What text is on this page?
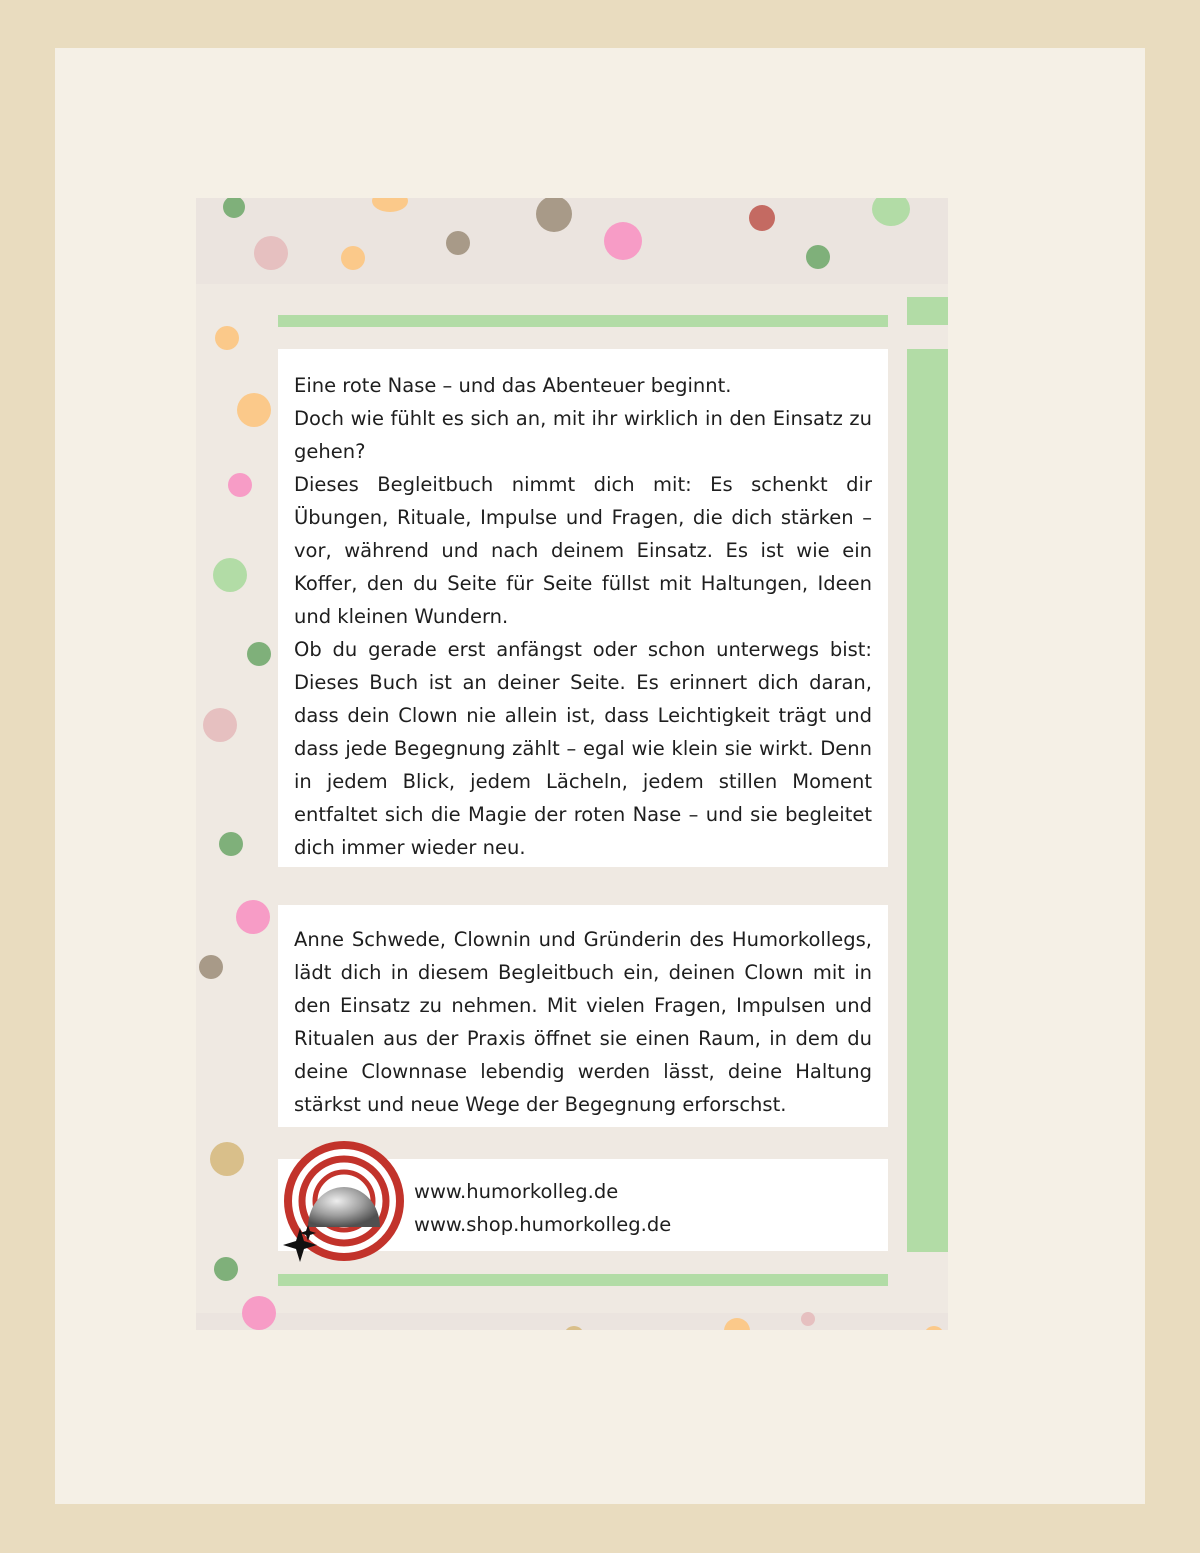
Eine rote Nase – und das Abenteuer beginnt.

Doch wie fühlt es sich an, mit ihr wirklich in den Einsatz zu gehen?

Dieses Begleitbuch nimmt dich mit: Es schenkt dir Übungen, Rituale, Impulse und Fragen, die dich stärken – vor, während und nach deinem Einsatz. Es ist wie ein Koffer, den du Seite für Seite füllst mit Haltungen, Ideen und kleinen Wundern.

Ob du gerade erst anfängst oder schon unterwegs bist: Dieses Buch ist an deiner Seite. Es erinnert dich daran, dass dein Clown nie allein ist, dass Leichtigkeit trägt und dass jede Begegnung zählt – egal wie klein sie wirkt. Denn in jedem Blick, jedem Lächeln, jedem stillen Moment entfaltet sich die Magie der roten Nase – und sie begleitet dich immer wieder neu.

Anne Schwede, Clownin und Gründerin des Humorkollegs, lädt dich in diesem Begleitbuch ein, deinen Clown mit in den Einsatz zu nehmen. Mit vielen Fragen, Impulsen und Ritualen aus der Praxis öffnet sie einen Raum, in dem du deine Clownnase lebendig werden lässt, deine Haltung stärkst und neue Wege der Begegnung erforschst.

www.humorkolleg.de
www.shop.humorkolleg.de
